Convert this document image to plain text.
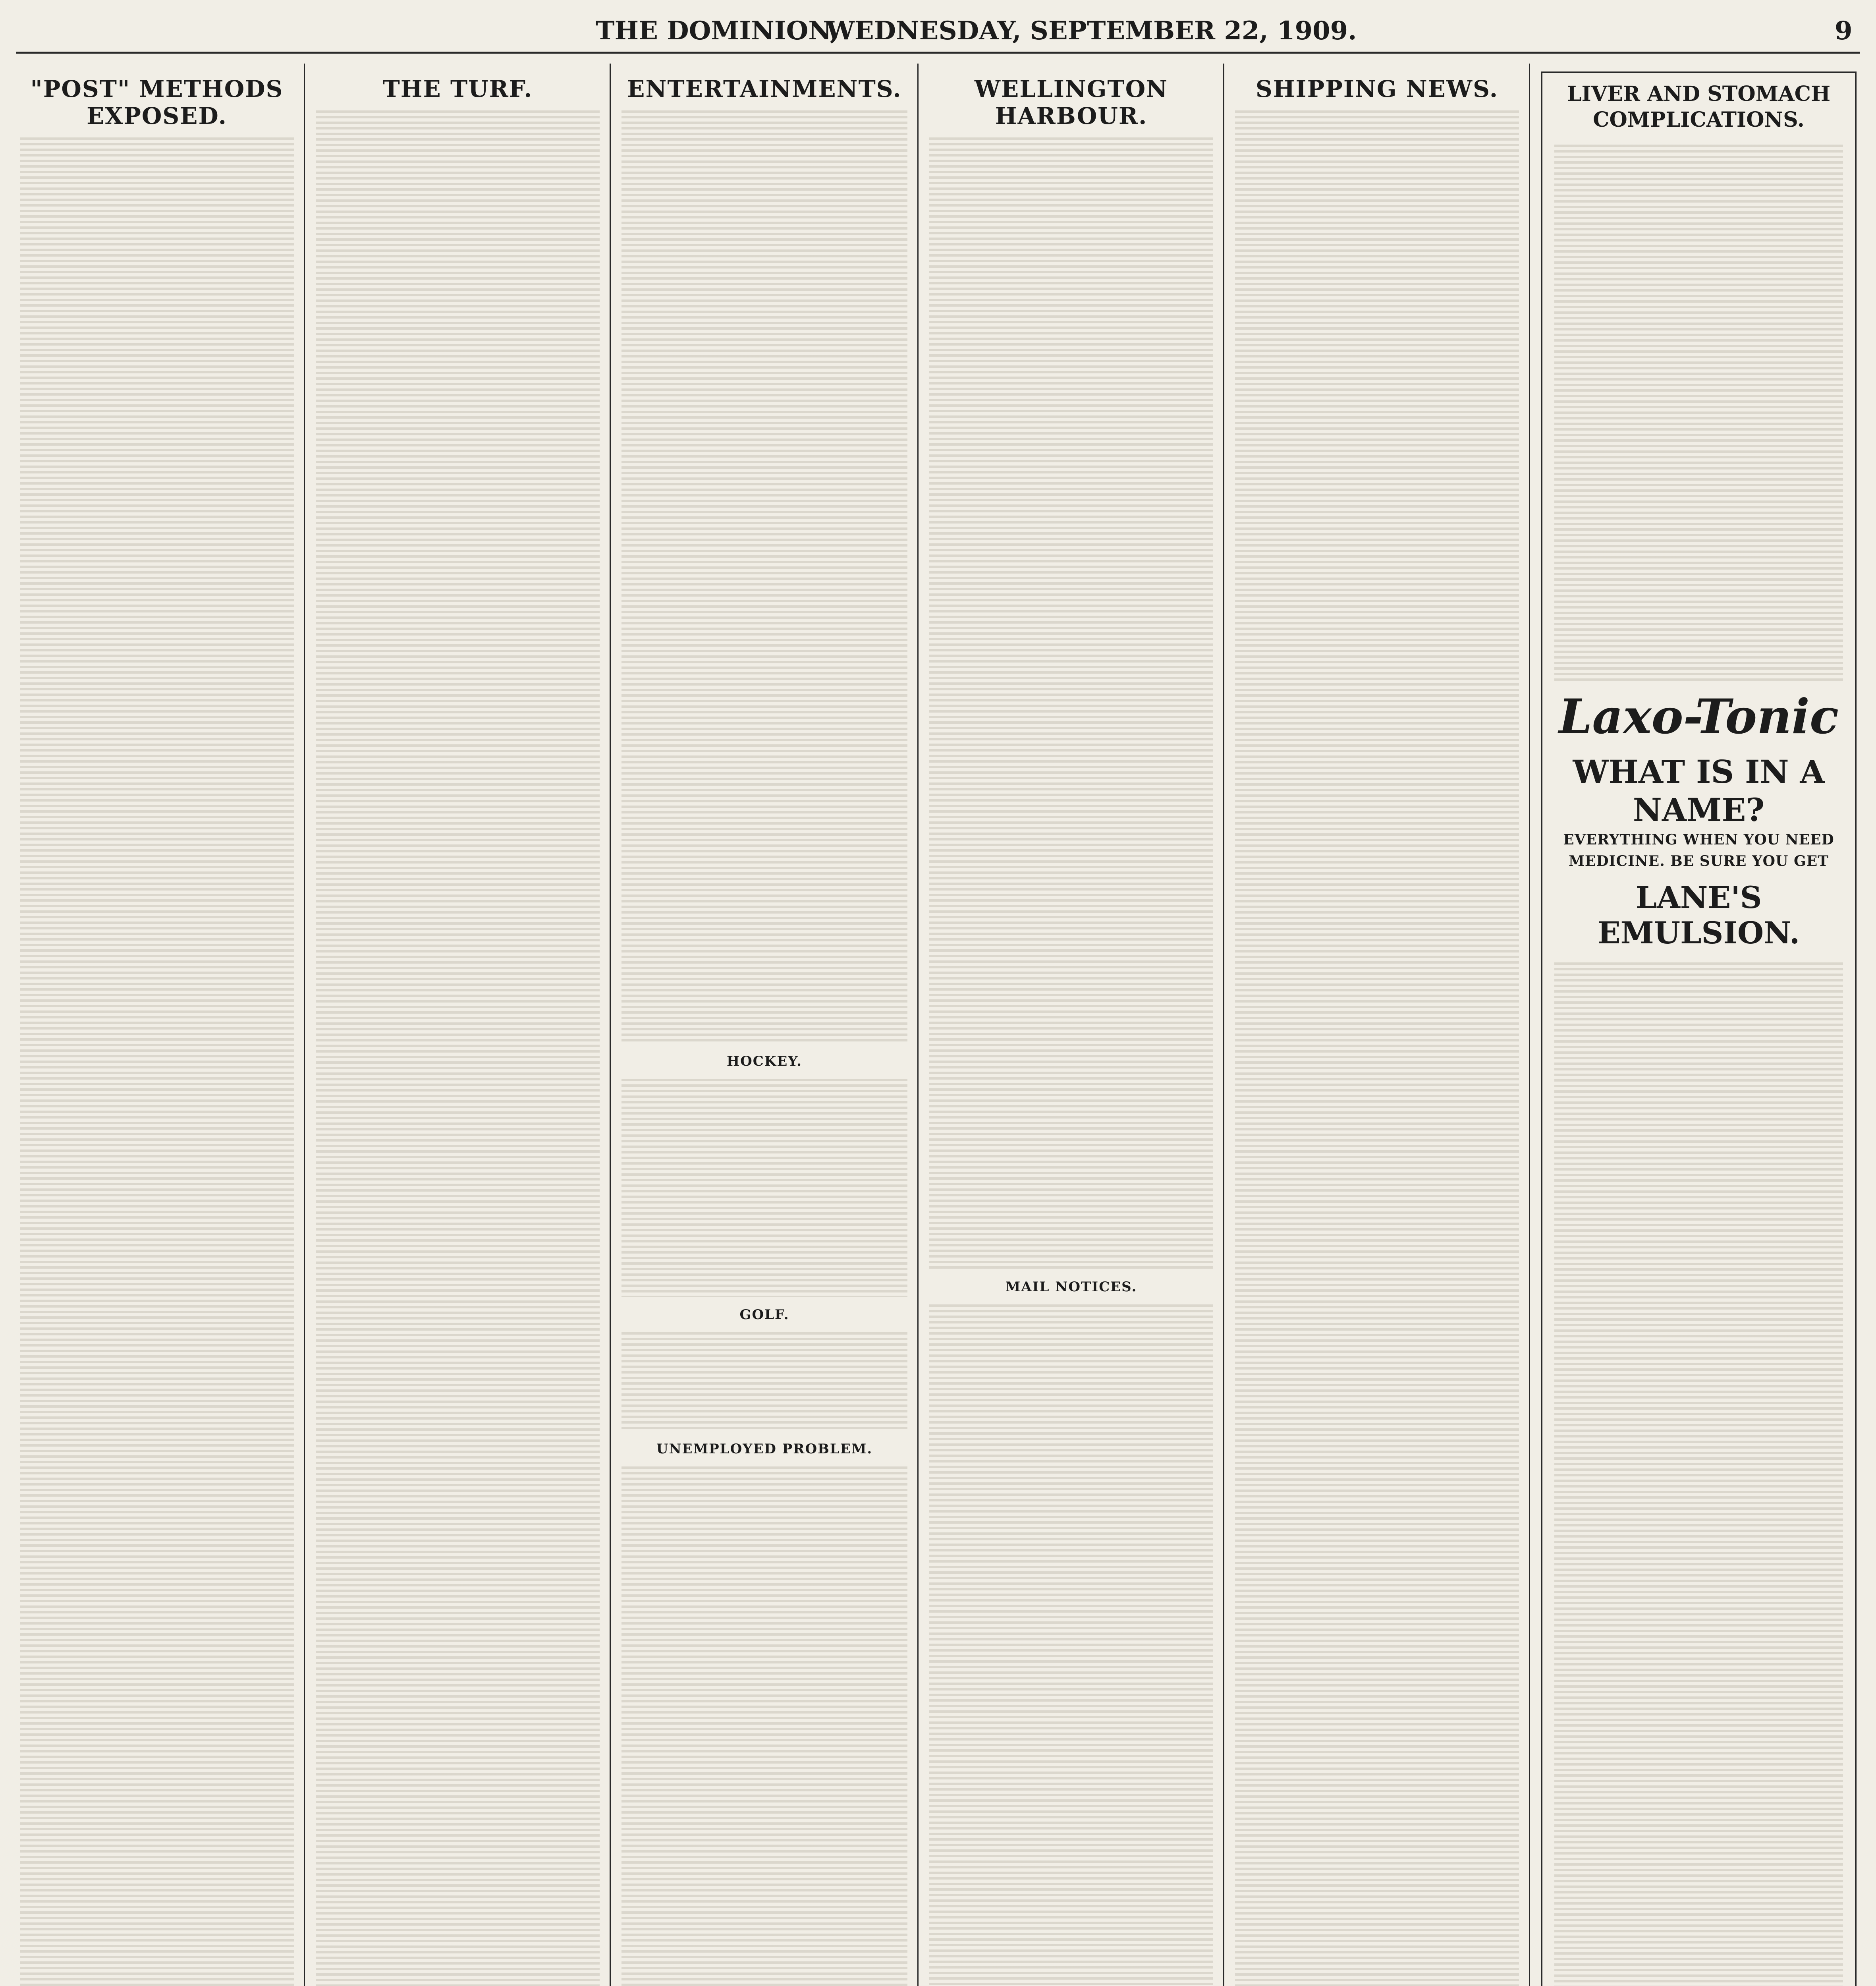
THE DOMINION,
WEDNESDAY, SEPTEMBER 22, 1909.	9
"POST" METHODS EXPOSED.
THE TURF.	ENTERTAINMENTS.
HOCKEY.
GOLF.
UNEMPLOYED PROBLEM.
WELLINGTON HARBOUR.
MAIL NOTICES.
SHIPPING NEWS.	LIVER AND STOMACH COMPLICATIONS.
Laxo-Tonic
WHAT IS IN A NAME?
EVERYTHING WHEN YOU NEED MEDICINE. BE SURE YOU GET
LANE'S EMULSION.
